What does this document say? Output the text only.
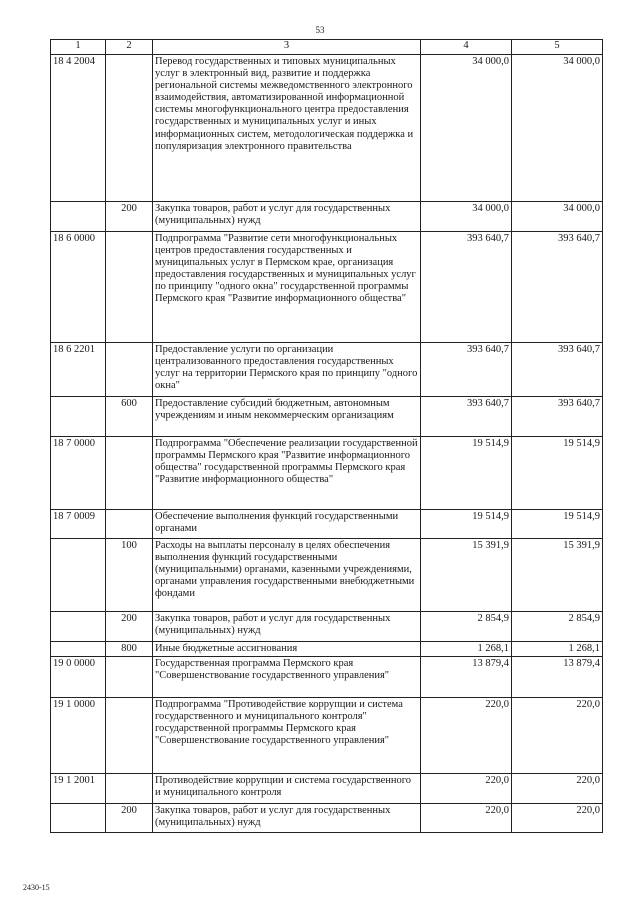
53
1	2	3	4	5
18 4 2004		Перевод государственных и типовых муниципальных услуг в электронный вид, развитие и поддержка региональной системы межведомственного электронного взаимодействия, автоматизированной информационной системы многофункционального центра предоставления государственных и муниципальных услуг и иных информационных систем, методологическая поддержка и популяризация электронного правительства	34 000,0	34 000,0
	200	Закупка товаров, работ и услуг для государственных (муниципальных) нужд	34 000,0	34 000,0
18 6 0000		Подпрограмма "Развитие сети многофункциональных центров предоставления государственных и муниципальных услуг в Пермском крае, организация предоставления государственных и муниципальных услуг по принципу "одного окна" государственной программы Пермского края "Развитие информационного общества"	393 640,7	393 640,7
18 6 2201		Предоставление услуги по организации централизованного предоставления государственных услуг на территории Пермского края по принципу "одного окна"	393 640,7	393 640,7
	600	Предоставление субсидий бюджетным, автономным учреждениям и иным некоммерческим организациям	393 640,7	393 640,7
18 7 0000		Подпрограмма "Обеспечение реализации государственной программы Пермского края "Развитие информационного общества" государственной программы Пермского края "Развитие информационного общества"	19 514,9	19 514,9
18 7 0009		Обеспечение выполнения функций государственными органами	19 514,9	19 514,9
	100	Расходы на выплаты персоналу в целях обеспечения выполнения функций государственными (муниципальными) органами, казенными учреждениями, органами управления государственными внебюджетными фондами	15 391,9	15 391,9
	200	Закупка товаров, работ и услуг для государственных (муниципальных) нужд	2 854,9	2 854,9
	800	Иные бюджетные ассигнования	1 268,1	1 268,1
19 0 0000		Государственная программа Пермского края "Совершенствование государственного управления"	13 879,4	13 879,4
19 1 0000		Подпрограмма "Противодействие коррупции и система государственного и муниципального контроля" государственной программы Пермского края "Совершенствование государственного управления"	220,0	220,0
19 1 2001		Противодействие коррупции и система государственного и муниципального контроля	220,0	220,0
	200	Закупка товаров, работ и услуг для государственных (муниципальных) нужд	220,0	220,0
2430-15
